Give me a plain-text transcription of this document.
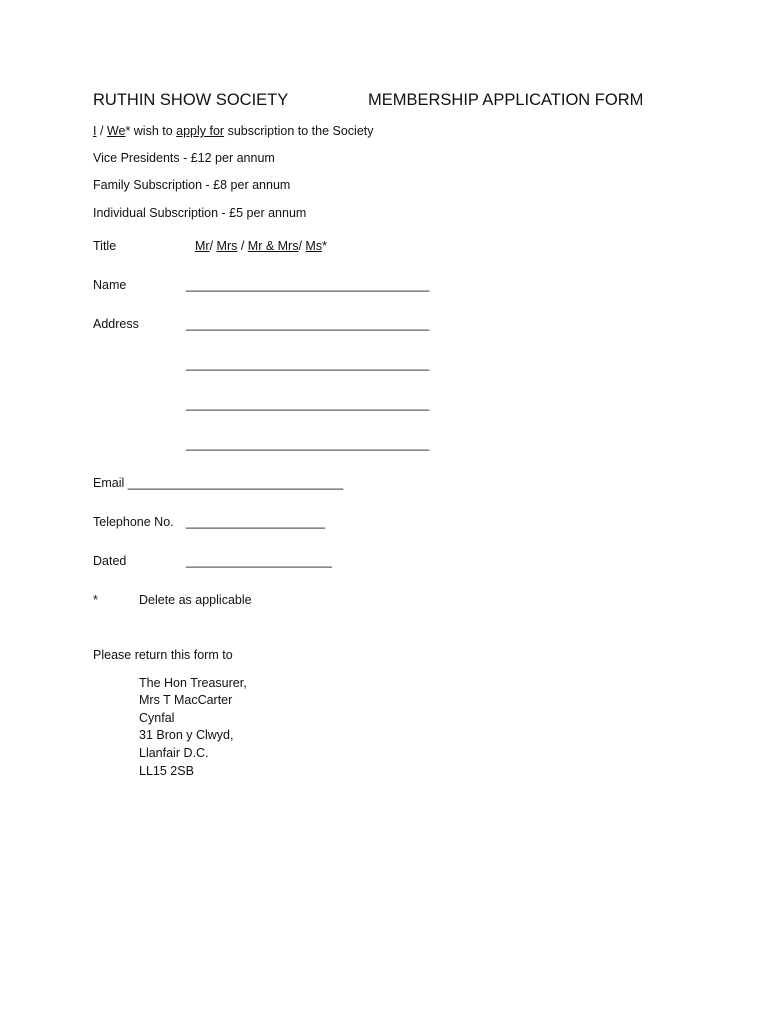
RUTHIN SHOW SOCIETY	MEMBERSHIP APPLICATION FORM
I / We* wish to apply for subscription to the Society
Vice Presidents - £12 per annum
Family Subscription - £8 per annum
Individual Subscription - £5 per annum
Title	Mr/ Mrs / Mr & Mrs/ Ms*
Name	___________________________________
Address	___________________________________
___________________________________
___________________________________
___________________________________
Email _______________________________
Telephone No. ____________________
Dated	_____________________
*	Delete as applicable
Please return this form to
The Hon Treasurer,
Mrs T MacCarter
Cynfal
31 Bron y Clwyd,
Llanfair D.C.
LL15 2SB
